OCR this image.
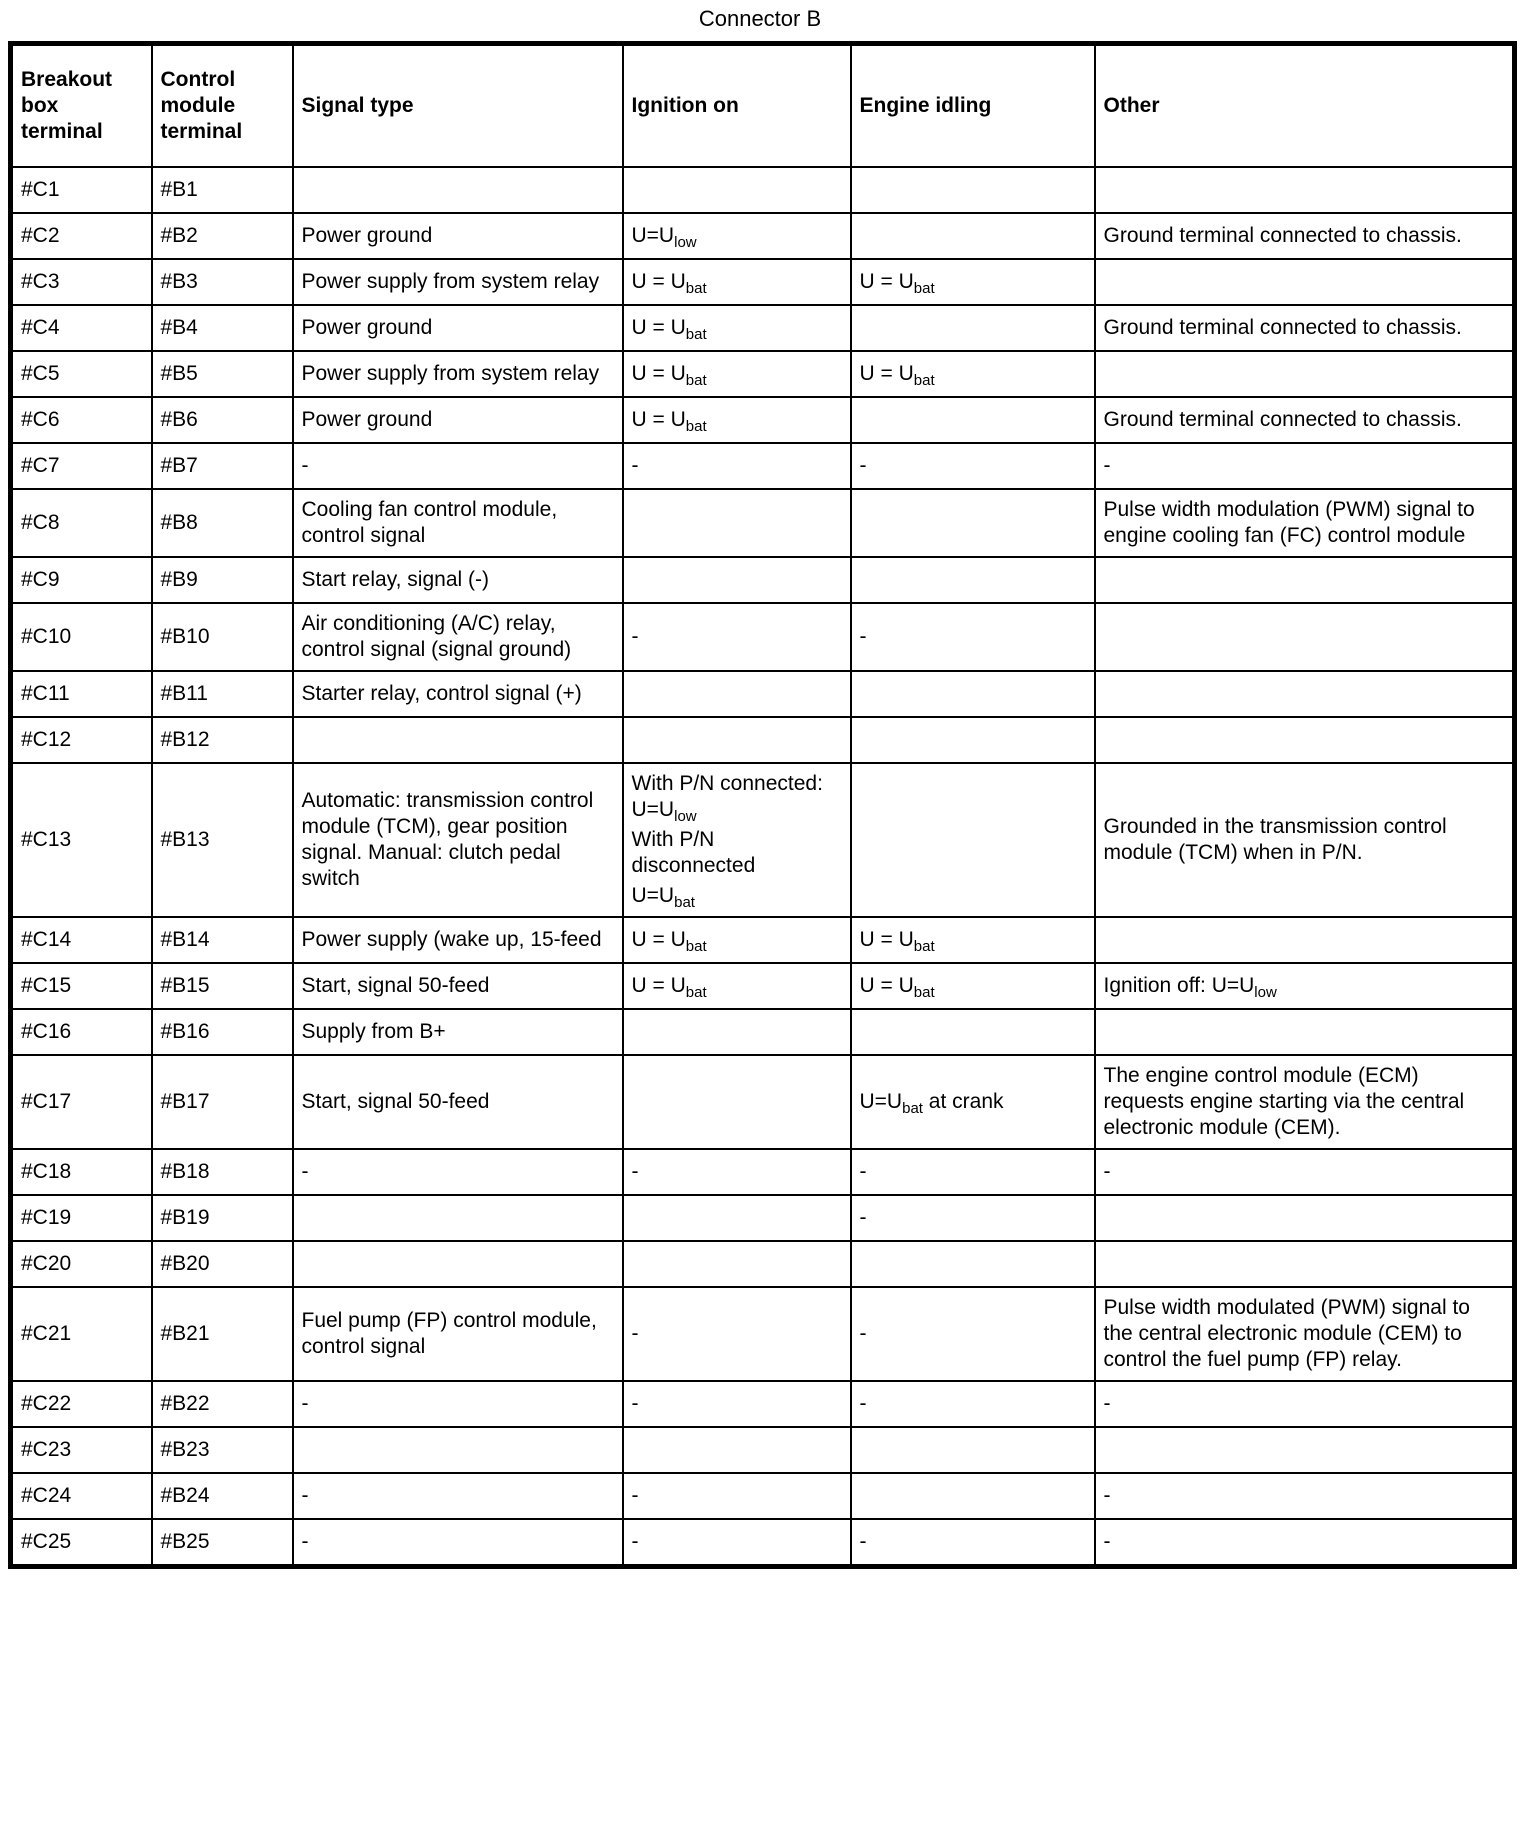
Connector B
Breakout box terminal	Control module terminal	Signal type	Ignition on	Engine idling	Other
#C1	#B1				
#C2	#B2	Power ground	$U=U_{low}$		Ground terminal connected to chassis.
#C3	#B3	Power supply from system relay	$U = U_{bat}$	$U = U_{bat}$

#C4	#B4	Power ground	$U = U_{bat}$		Ground terminal connected to chassis.
#C5	#B5	Power supply from system relay	$U = U_{bat}$	$U = U_{bat}$

#C6	#B6	Power ground	$U = U_{bat}$		Ground terminal connected to chassis.
#C7	#B7	-	-	-	-
#C8	#B8	Cooling fan control module, control signal			Pulse width modulation (PWM) signal to engine cooling fan (FC) control module
#C9	#B9	Start relay, signal (-)			
#C10	#B10	Air conditioning (A/C) relay, control signal (signal ground)	-	-	
#C11	#B11	Starter relay, control signal (+)			
#C12	#B12				
#C13	#B13	Automatic: transmission control module (TCM), gear position signal. Manual: clutch pedal switch	With P/N connected: $U=U_{low}$
With P/N disconnected
$U=U_{bat}$		Grounded in the transmission control module (TCM) when in P/N.
#C14	#B14	Power supply (wake up, 15-feed	$U = U_{bat}$	$U = U_{bat}$

#C15	#B15	Start, signal 50-feed	$U = U_{bat}$	$U = U_{bat}$	Ignition off: $U=U_{low}$

#C16	#B16	Supply from B+			
#C17	#B17	Start, signal 50-feed		$U=U_{bat}$ at crank	The engine control module (ECM) requests engine starting via the central electronic module (CEM).
#C18	#B18	-	-	-	-
#C19	#B19			-	
#C20	#B20				
#C21	#B21	Fuel pump (FP) control module, control signal	-	-	Pulse width modulated (PWM) signal to the central electronic module (CEM) to control the fuel pump (FP) relay.
#C22	#B22	-	-	-	-
#C23	#B23				
#C24	#B24	-	-		-
#C25	#B25	-	-	-	-
